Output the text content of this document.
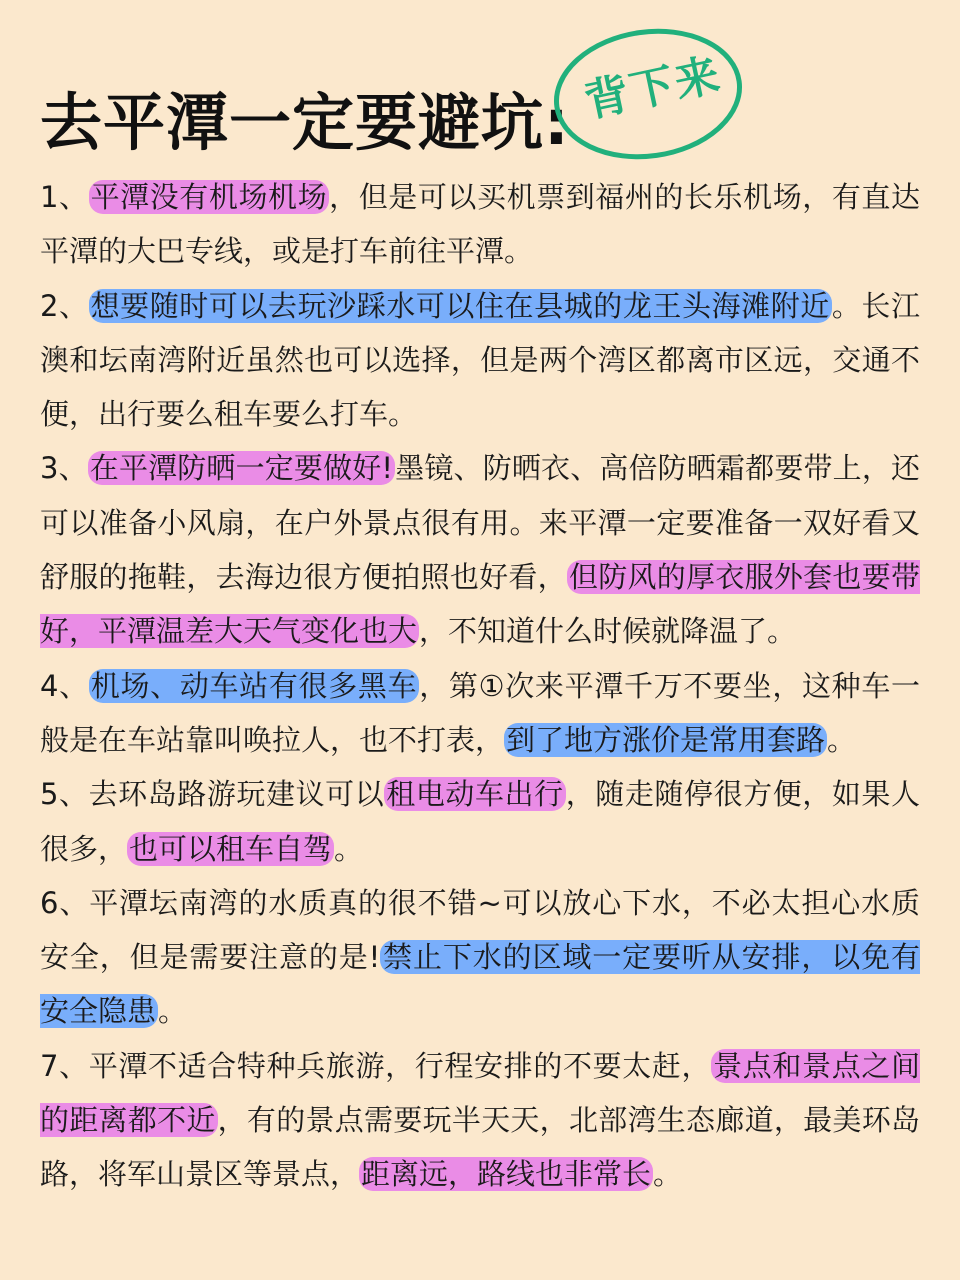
去平潭一定要避坑: 背下来

1、平潭没有机场机场，但是可以买机票到福州的长乐机场，有直达平潭的大巴专线，或是打车前往平潭。

2、想要随时可以去玩沙踩水可以住在县城的龙王头海滩附近。长江澳和坛南湾附近虽然也可以选择，但是两个湾区都离市区远，交通不便，出行要么租车要么打车。

3、在平潭防晒一定要做好!墨镜、防晒衣、高倍防晒霜都要带上，还可以准备小风扇，在户外景点很有用。来平潭一定要准备一双好看又舒服的拖鞋，去海边很方便拍照也好看，但防风的厚衣服外套也要带好，平潭温差大天气变化也大，不知道什么时候就降温了。

4、机场、动车站有很多黑车，第①次来平潭千万不要坐，这种车一般是在车站靠叫唤拉人，也不打表，到了地方涨价是常用套路。

5、去环岛路游玩建议可以租电动车出行，随走随停很方便，如果人很多，也可以租车自驾。

6、平潭坛南湾的水质真的很不错~可以放心下水，不必太担心水质安全，但是需要注意的是!禁止下水的区域一定要听从安排，以免有安全隐患。

7、平潭不适合特种兵旅游，行程安排的不要太赶，景点和景点之间的距离都不近，有的景点需要玩半天天，北部湾生态廊道，最美环岛路，将军山景区等景点，距离远，路线也非常长。
